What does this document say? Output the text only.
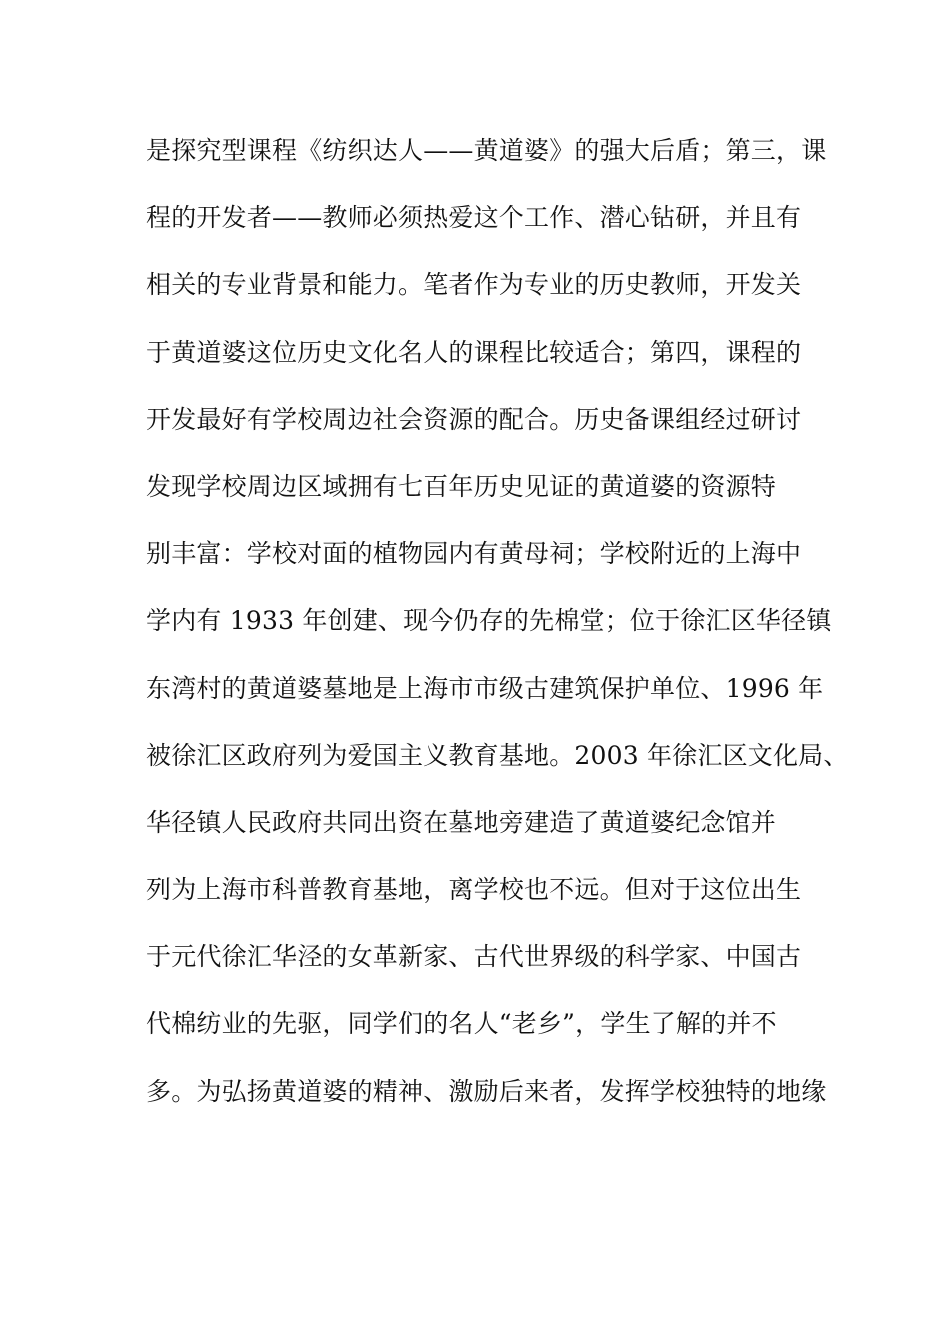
是探究型课程《纺织达人——黄道婆》的强大后盾；第三，课
程的开发者——教师必须热爱这个工作、潜心钻研，并且有
相关的专业背景和能力。笔者作为专业的历史教师，开发关
于黄道婆这位历史文化名人的课程比较适合；第四，课程的
开发最好有学校周边社会资源的配合。历史备课组经过研讨
发现学校周边区域拥有七百年历史见证的黄道婆的资源特
别丰富：学校对面的植物园内有黄母祠；学校附近的上海中
学内有 1933 年创建、现今仍存的先棉堂；位于徐汇区华径镇
东湾村的黄道婆墓地是上海市市级古建筑保护单位、1996 年
被徐汇区政府列为爱国主义教育基地。2003 年徐汇区文化局、
华径镇人民政府共同出资在墓地旁建造了黄道婆纪念馆并
列为上海市科普教育基地，离学校也不远。但对于这位出生
于元代徐汇华泾的女革新家、古代世界级的科学家、中国古
代棉纺业的先驱，同学们的名人“老乡”，学生了解的并不
多。为弘扬黄道婆的精神、激励后来者，发挥学校独特的地缘
